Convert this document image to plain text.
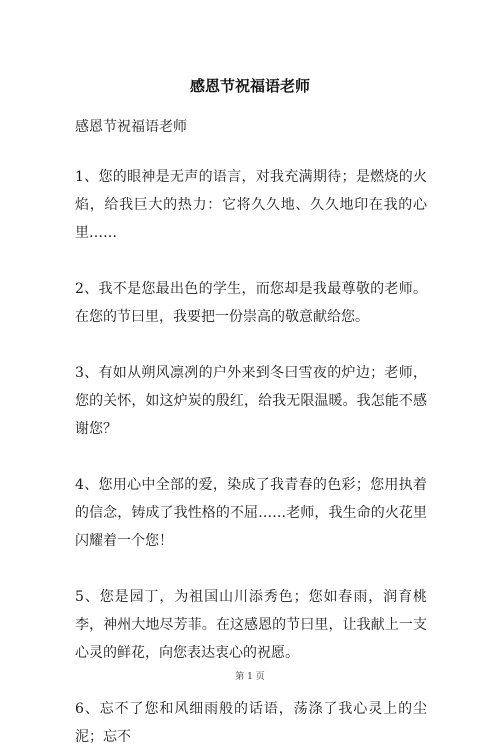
感恩节祝福语老师

感恩节祝福语老师

1、您的眼神是无声的语言，对我充满期待；是燃烧的火焰，给我巨大的热力：它将久久地、久久地印在我的心里……

2、我不是您最出色的学生，而您却是我最尊敬的老师。在您的节曰里，我要把一份崇高的敬意献给您。

3、有如从朔风凛冽的户外来到冬曰雪夜的炉边；老师，您的关怀，如这炉炭的殷红，给我无限温暖。我怎能不感谢您？

4、您用心中全部的爱，染成了我青春的色彩；您用执着的信念，铸成了我性格的不屈……老师，我生命的火花里闪耀着一个您！

5、您是园丁，为祖国山川添秀色；您如春雨，润育桃李，神州大地尽芳菲。在这感恩的节曰里，让我献上一支心灵的鲜花，向您表达衷心的祝愿。

6、忘不了您和风细雨般的话语，荡涤了我心灵上的尘泥；忘不

第 1 页
